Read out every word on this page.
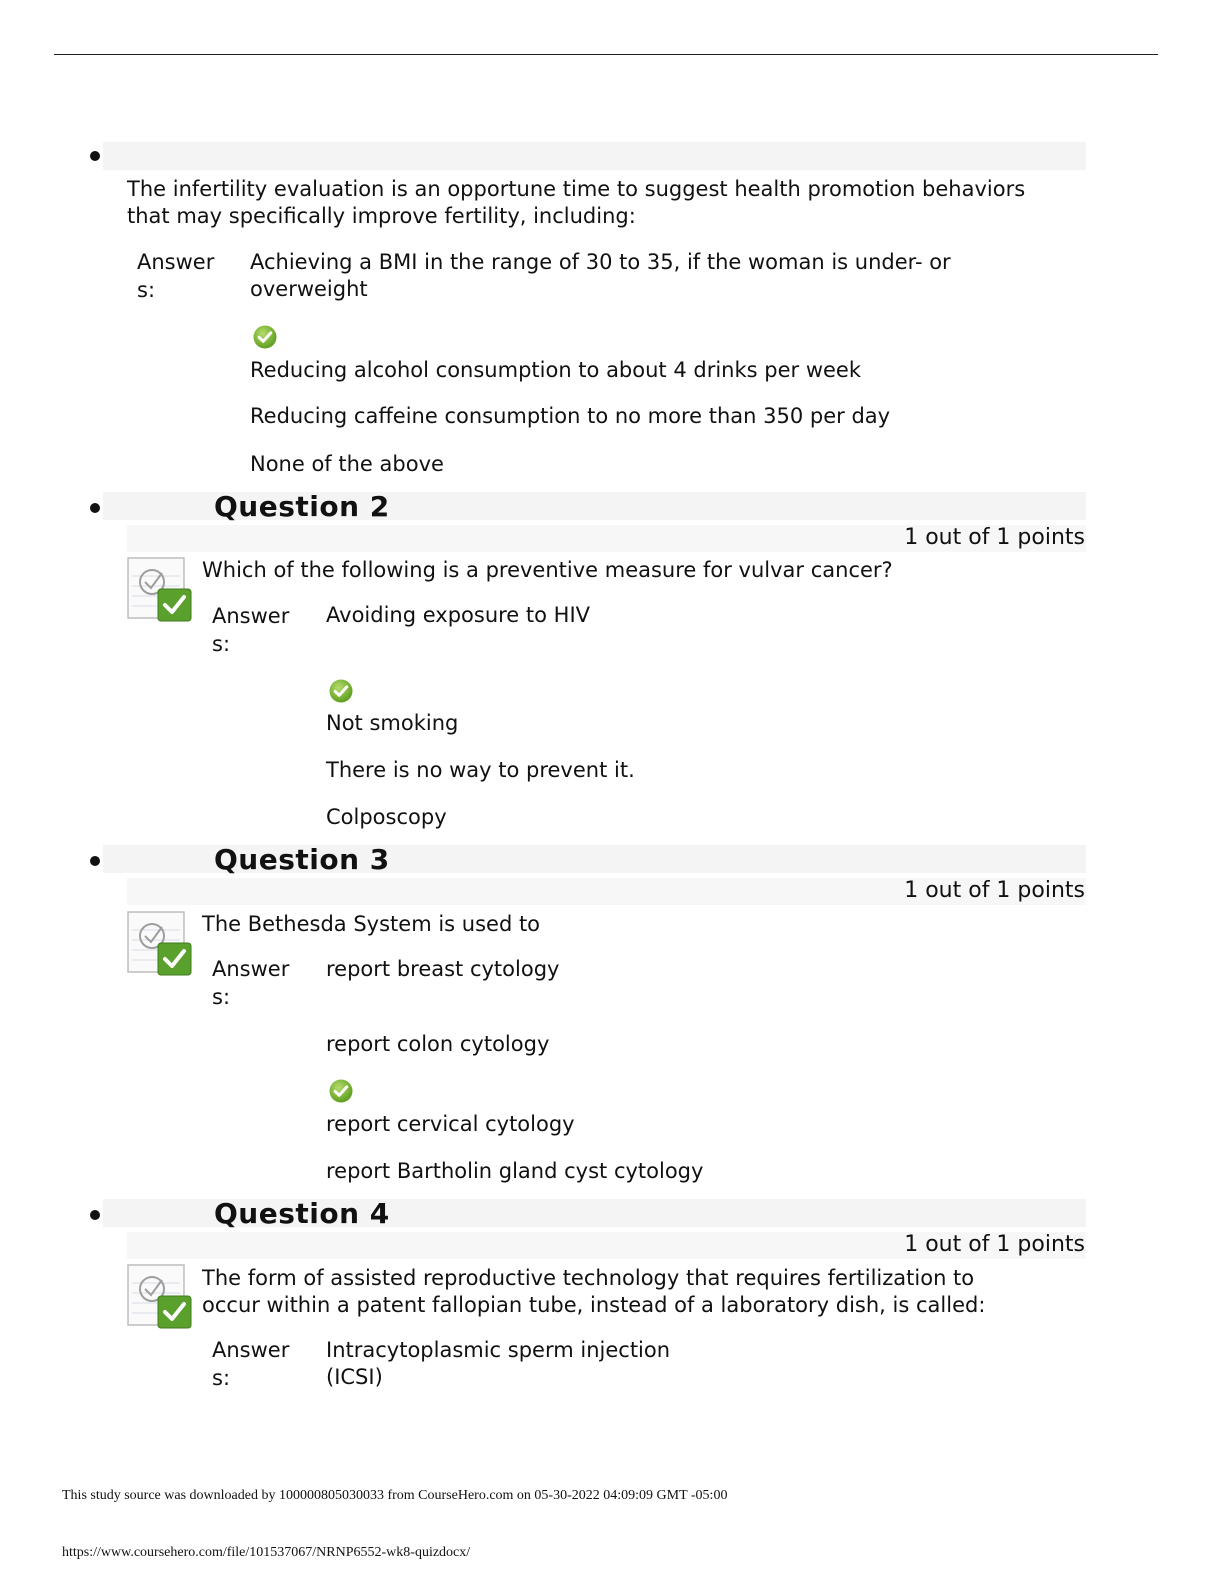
The infertility evaluation is an opportune time to suggest health promotion behaviors
that may specifically improve fertility, including:
Answer
s:
Achieving a BMI in the range of 30 to 35, if the woman is under- or
overweight
Reducing alcohol consumption to about 4 drinks per week
Reducing caffeine consumption to no more than 350 per day
None of the above
Question 2
1 out of 1 points
Which of the following is a preventive measure for vulvar cancer?
Answer
s:
Avoiding exposure to HIV
Not smoking
There is no way to prevent it.
Colposcopy
Question 3
1 out of 1 points
The Bethesda System is used to
Answer
s:
report breast cytology
report colon cytology
report cervical cytology
report Bartholin gland cyst cytology
Question 4
1 out of 1 points
The form of assisted reproductive technology that requires fertilization to
occur within a patent fallopian tube, instead of a laboratory dish, is called:
Answer
s:
Intracytoplasmic sperm injection
(ICSI)
This study source was downloaded by 100000805030033 from CourseHero.com on 05-30-2022 04:09:09 GMT -05:00
https://www.coursehero.com/file/101537067/NRNP6552-wk8-quizdocx/
